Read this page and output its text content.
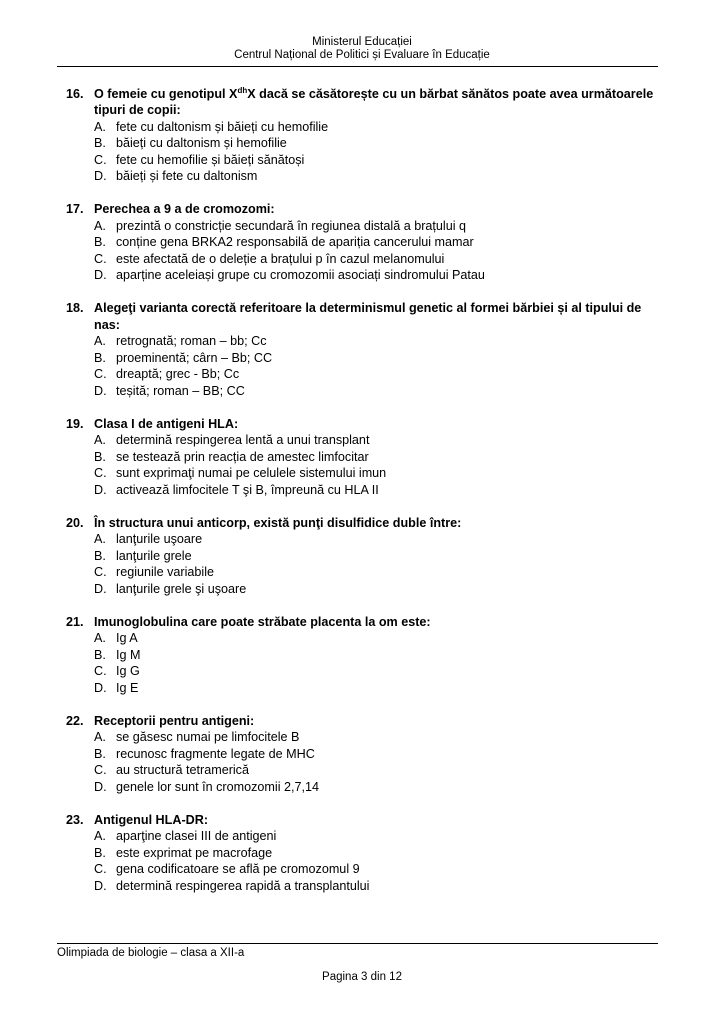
Ministerul Educației
Centrul Național de Politici și Evaluare în Educație
16. O femeie cu genotipul $X^{dh}X$ dacă se căsătorește cu un bărbat sănătos poate avea următoarele tipuri de copii:
A. fete cu daltonism și băieți cu hemofilie
B. băieți cu daltonism și hemofilie
C. fete cu hemofilie și băieți sănătoși
D. băieți și fete cu daltonism
17. Perechea a 9 a de cromozomi:
A. prezintă o constricție secundară în regiunea distală a brațului q
B. conține gena BRKA2 responsabilă de apariția cancerului mamar
C. este afectată de o deleție a brațului p în cazul melanomului
D. aparține aceleiași grupe cu cromozomii asociați sindromului Patau
18. Alegeţi varianta corectă referitoare la determinismul genetic al formei bărbiei și al tipului de nas:
A. retrognată; roman – bb; Cc
B. proeminentă; cârn – Bb; CC
C. dreaptă; grec - Bb; Cc
D. teșită; roman – BB; CC
19. Clasa I de antigeni HLA:
A. determină respingerea lentă a unui transplant
B. se testează prin reacția de amestec limfocitar
C. sunt exprimaţi numai pe celulele sistemului imun
D. activează limfocitele T şi B, împreună cu HLA II
20. În structura unui anticorp, există punţi disulfidice duble între:
A. lanţurile uşoare
B. lanţurile grele
C. regiunile variabile
D. lanţurile grele şi uşoare
21. Imunoglobulina care poate străbate placenta la om este:
A. Ig A
B. Ig M
C. Ig G
D. Ig E
22. Receptorii pentru antigeni:
A. se găsesc numai pe limfocitele B
B. recunosc fragmente legate de MHC
C. au structură tetramerică
D. genele lor sunt în cromozomii 2,7,14
23. Antigenul HLA-DR:
A. aparţine clasei III de antigeni
B. este exprimat pe macrofage
C. gena codificatoare se află pe cromozomul 9
D. determină respingerea rapidă a transplantului
Olimpiada de biologie – clasa a XII-a
Pagina 3 din 12
